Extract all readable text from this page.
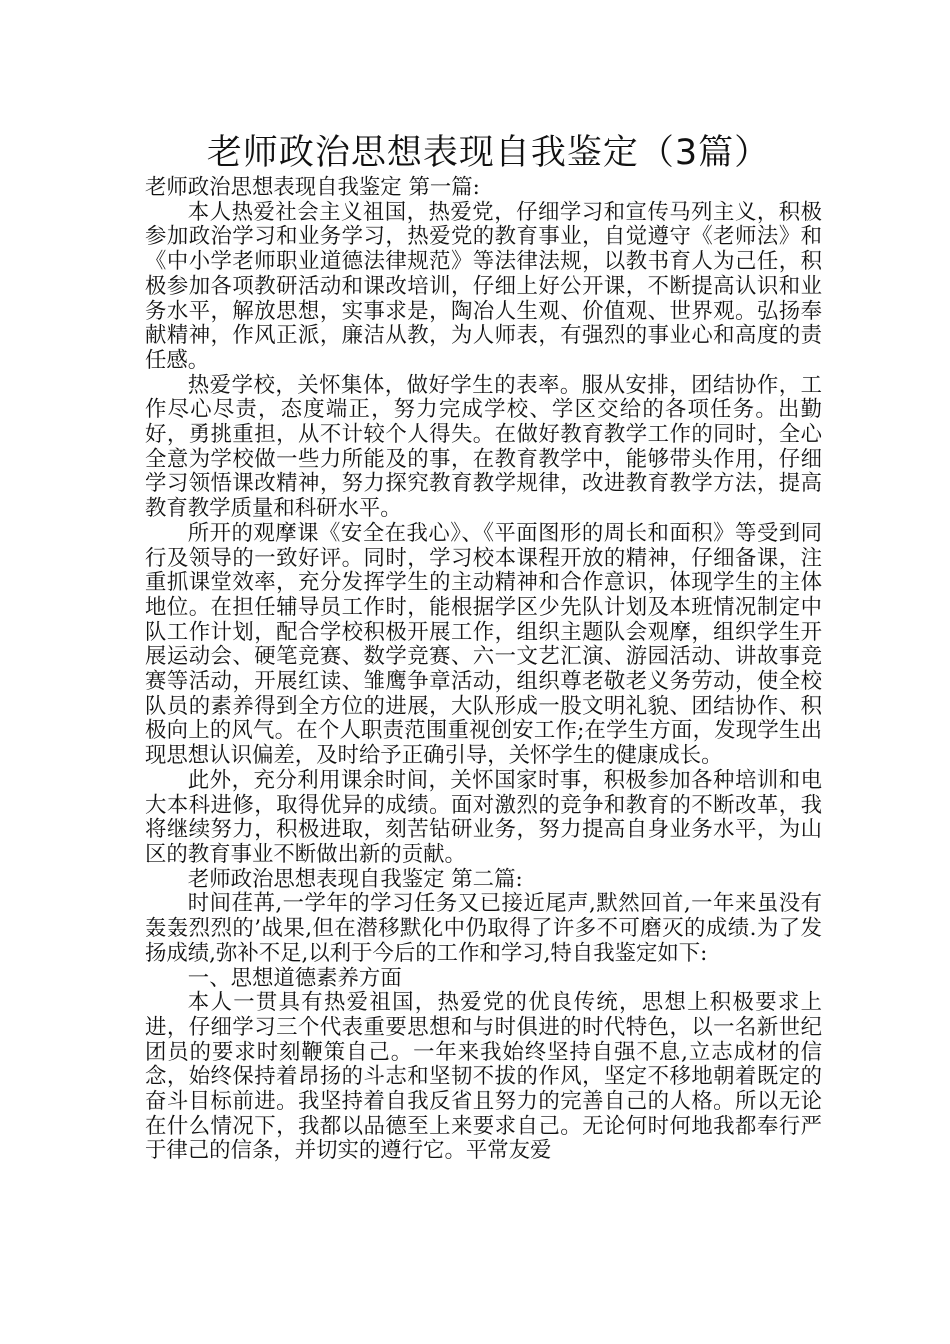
老师政治思想表现自我鉴定（3篇）

老师政治思想表现自我鉴定 第一篇:

本人热爱社会主义祖国，热爱党，仔细学习和宣传马列主义，积极参加政治学习和业务学习，热爱党的教育事业，自觉遵守《老师法》和《中小学老师职业道德法律规范》等法律法规，以教书育人为己任，积极参加各项教研活动和课改培训，仔细上好公开课，不断提高认识和业务水平，解放思想，实事求是，陶冶人生观、价值观、世界观。弘扬奉献精神，作风正派，廉洁从教，为人师表，有强烈的事业心和高度的责任感。

热爱学校，关怀集体，做好学生的表率。服从安排，团结协作，工作尽心尽责，态度端正，努力完成学校、学区交给的各项任务。出勤好，勇挑重担，从不计较个人得失。在做好教育教学工作的同时，全心全意为学校做一些力所能及的事，在教育教学中，能够带头作用，仔细学习领悟课改精神，努力探究教育教学规律，改进教育教学方法，提高教育教学质量和科研水平。

所开的观摩课《安全在我心》、《平面图形的周长和面积》等受到同行及领导的一致好评。同时，学习校本课程开放的精神，仔细备课，注重抓课堂效率，充分发挥学生的主动精神和合作意识，体现学生的主体地位。在担任辅导员工作时，能根据学区少先队计划及本班情况制定中队工作计划，配合学校积极开展工作，组织主题队会观摩，组织学生开展运动会、硬笔竞赛、数学竞赛、六一文艺汇演、游园活动、讲故事竞赛等活动，开展红读、雏鹰争章活动，组织尊老敬老义务劳动，使全校队员的素养得到全方位的进展，大队形成一股文明礼貌、团结协作、积极向上的风气。在个人职责范围重视创安工作;在学生方面，发现学生出现思想认识偏差，及时给予正确引导，关怀学生的健康成长。

此外，充分利用课余时间，关怀国家时事，积极参加各种培训和电大本科进修，取得优异的成绩。面对激烈的竞争和教育的不断改革，我将继续努力，积极进取，刻苦钻研业务，努力提高自身业务水平，为山区的教育事业不断做出新的贡献。

老师政治思想表现自我鉴定 第二篇:

时间荏苒,一学年的学习任务又已接近尾声,默然回首,一年来虽没有轰轰烈烈的’战果,但在潜移默化中仍取得了许多不可磨灭的成绩.为了发扬成绩,弥补不足,以利于今后的工作和学习,特自我鉴定如下:

一、思想道德素养方面

本人一贯具有热爱祖国，热爱党的优良传统，思想上积极要求上进，仔细学习三个代表重要思想和与时俱进的时代特色，以一名新世纪团员的要求时刻鞭策自己。一年来我始终坚持自强不息,立志成材的信念，始终保持着昂扬的斗志和坚韧不拔的作风，坚定不移地朝着既定的奋斗目标前进。我坚持着自我反省且努力的完善自己的人格。所以无论在什么情况下，我都以品德至上来要求自己。无论何时何地我都奉行严于律己的信条，并切实的遵行它。平常友爱
